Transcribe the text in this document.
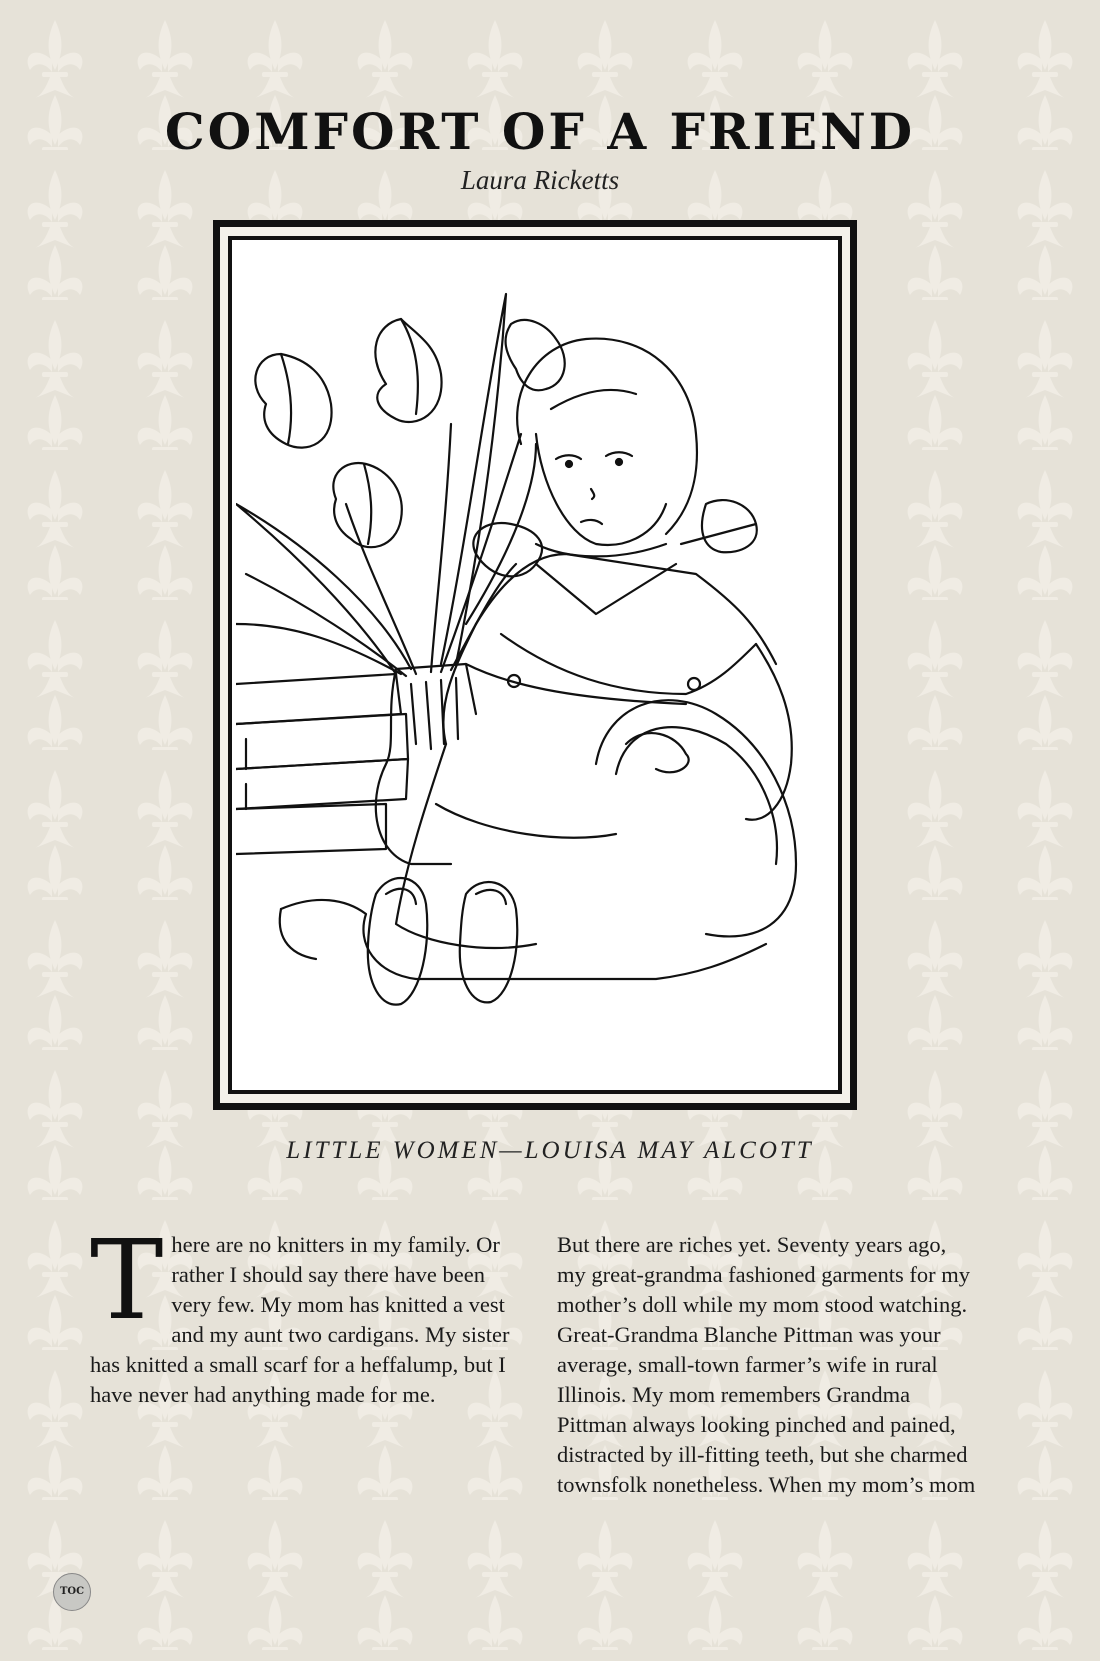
COMFORT OF A FRIEND
Laura Ricketts
LITTLE WOMEN—LOUISA MAY ALCOTT
T here are no knitters in my family. Or rather I should say there have been very few. My mom has knitted a vest and my aunt two cardigans. My sister has knitted a small scarf for a heffalump, but I have never had anything made for me.
But there are riches yet. Seventy years ago, my great-grandma fashioned garments for my mother’s doll while my mom stood watching. Great-Grandma Blanche Pittman was your average, small-town farmer’s wife in rural Illinois. My mom remembers Grandma Pittman always looking pinched and pained, distracted by ill-fitting teeth, but she charmed townsfolk nonetheless. When my mom’s mom
TOC
